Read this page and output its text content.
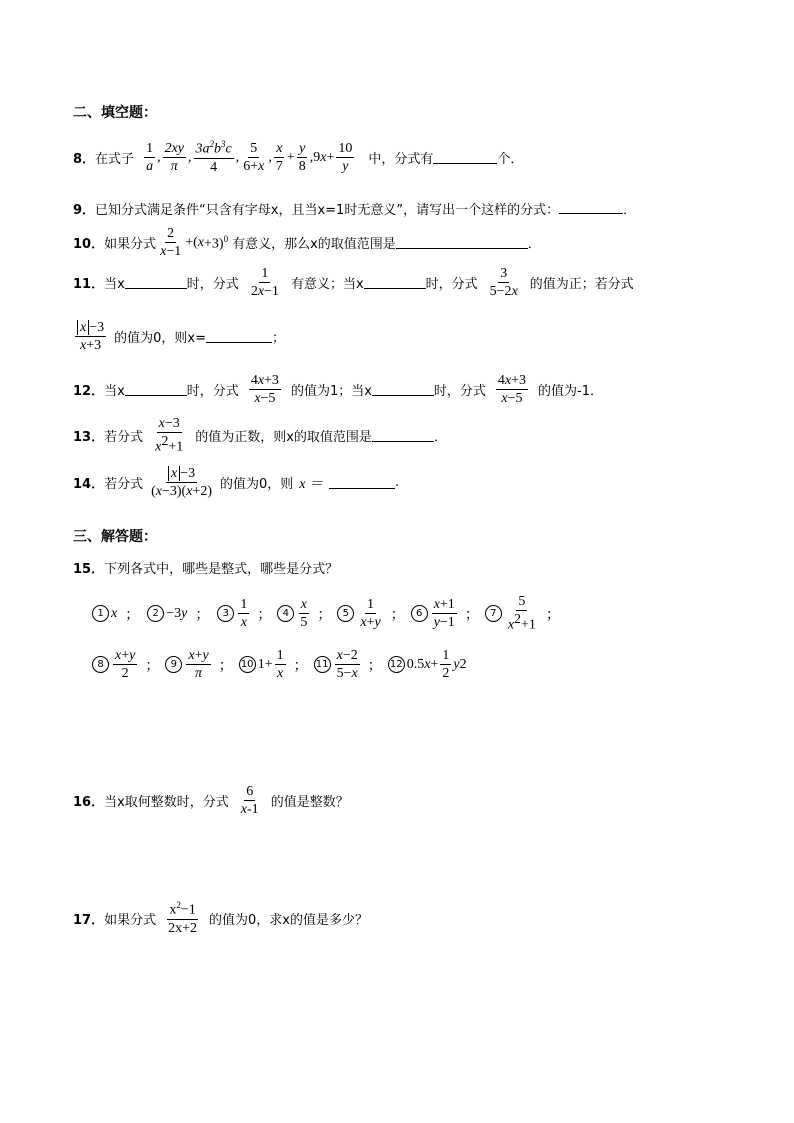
二、填空题：
8． 在式子 $\frac{1}{a}$ , $\frac{2xy}{\pi}$ , $\frac{3a^2b^3c}{4}$ , $\frac{5}{6+x}$ , $\frac{x}{7} + \frac{y}{8} ,9$ $x + \frac{10}{y}$ 中，分式有	个．
9．已知分式满足条件“只含有字母x，且当x=1时无意义”，请写出一个这样的分式：	．
10． 如果分式 $\frac{2}{x-1}$ +( x +3)$^0$ 有意义，那么x的取值范围是	．
11． 当x	时，分式 $\frac{1}{2x-1}$ 有意义；当x	时，分式 $\frac{3}{5-2x}$ 的值为正；若分式
$\frac{x -3}{x+3}$ 的值为0，则x=	；
12． 当x	时，分式 $\frac{4x+3}{x-5}$ 的值为1；当x	时，分式 $\frac{4x+3}{x-5}$ 的值为-1．
13． 若分式 $\frac{x-3}{x^2+1}$ 的值为正数，则x的取值范围是	．
14． 若分式 $\frac{x -3}{(x-3)(x+2)}$ 的值为0，则 x ＝	.
三、解答题：
15．下列各式中，哪些是整式，哪些是分式？
1 x ；	2 −3 y ；	$3 \frac{1}{x}$ ；	$4 \frac{x}{5}$ ；	$5 \frac{1}{x+y}$ ；	$6 \frac{x+1}{y-1}$ ；	$7 \frac{5}{x^2+1}$ ；
$8 \frac{x+y}{2}$ ；	$9 \frac{x+y}{\pi}$ ； 10 $1+ \frac{1}{x}$ ； $11 \frac{x-2}{5-x}$ ； 12 0.5 $x + \frac{1}{2}$ y 2
16． 当x取何整数时，分式 $\frac{6}{x-1}$ 的值是整数？
17． 如果分式 $\frac{x^2-1}{2x+2}$ 的值为0，求x的值是多少？
